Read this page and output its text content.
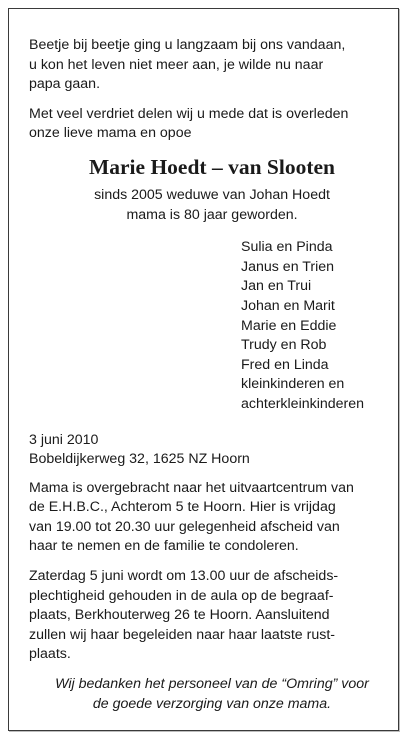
Beetje bij beetje ging u langzaam bij ons vandaan,
u kon het leven niet meer aan, je wilde nu naar
papa gaan.

Met veel verdriet delen wij u mede dat is overleden
onze lieve mama en opoe

Marie Hoedt – van Slooten

sinds 2005 weduwe van Johan Hoedt
mama is 80 jaar geworden.

Sulia en Pinda
Janus en Trien
Jan en Trui
Johan en Marit
Marie en Eddie
Trudy en Rob
Fred en Linda
kleinkinderen en
achterkleinkinderen

3 juni 2010
Bobeldijkerweg 32, 1625 NZ Hoorn

Mama is overgebracht naar het uitvaartcentrum van
de E.H.B.C., Achterom 5 te Hoorn. Hier is vrijdag
van 19.00 tot 20.30 uur gelegenheid afscheid van
haar te nemen en de familie te condoleren.

Zaterdag 5 juni wordt om 13.00 uur de afscheids-
plechtigheid gehouden in de aula op de begraaf-
plaats, Berkhouterweg 26 te Hoorn. Aansluitend
zullen wij haar begeleiden naar haar laatste rust-
plaats.

Wij bedanken het personeel van de “Omring” voor
de goede verzorging van onze mama.
